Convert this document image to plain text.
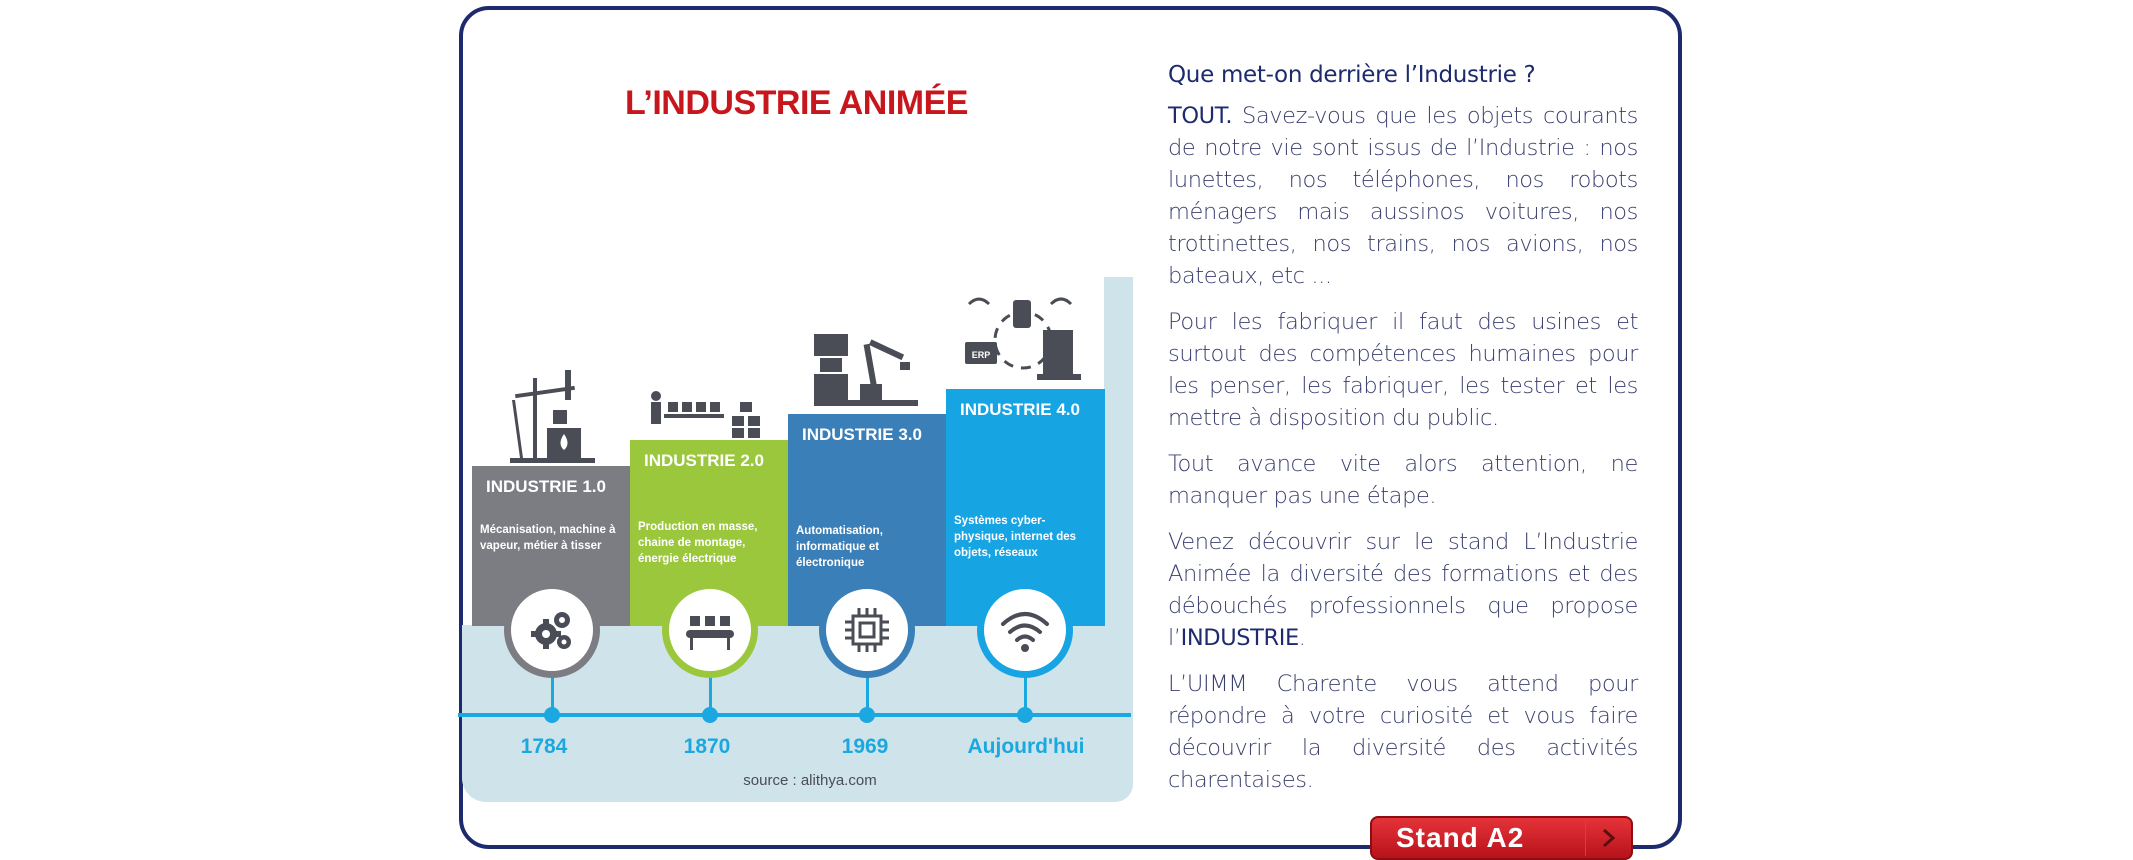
L’INDUSTRIE ANIMÉE
ERP
INDUSTRIE 1.0
Mécanisation, machine à vapeur, métier à tisser
INDUSTRIE 2.0
Production en masse, chaine de montage, énergie électrique
INDUSTRIE 3.0
Automatisation, informatique et électronique
INDUSTRIE 4.0
Systèmes cyber-physique, internet des objets, réseaux
1784	1870	1969	Aujourd'hui
source : alithya.com
Que met-on derrière l’Industrie ?

TOUT. Savez-vous que les objets courants de notre vie sont issus de l’Industrie : nos lunettes, nos téléphones, nos robots ménagers mais aussinos voitures, nos trottinettes, nos trains, nos avions, nos bateaux, etc ...

Pour les fabriquer il faut des usines et surtout des compétences humaines pour les penser, les fabriquer, les tester et les mettre à disposition du public.

Tout avance vite alors attention, ne manquer pas une étape.

Venez découvrir sur le stand L’Industrie Animée la diversité des formations et des débouchés professionnels que propose l’INDUSTRIE.

L’UIMM Charente vous attend pour répondre à votre curiosité et vous faire découvrir la diversité des activités charentaises.

Stand A2
